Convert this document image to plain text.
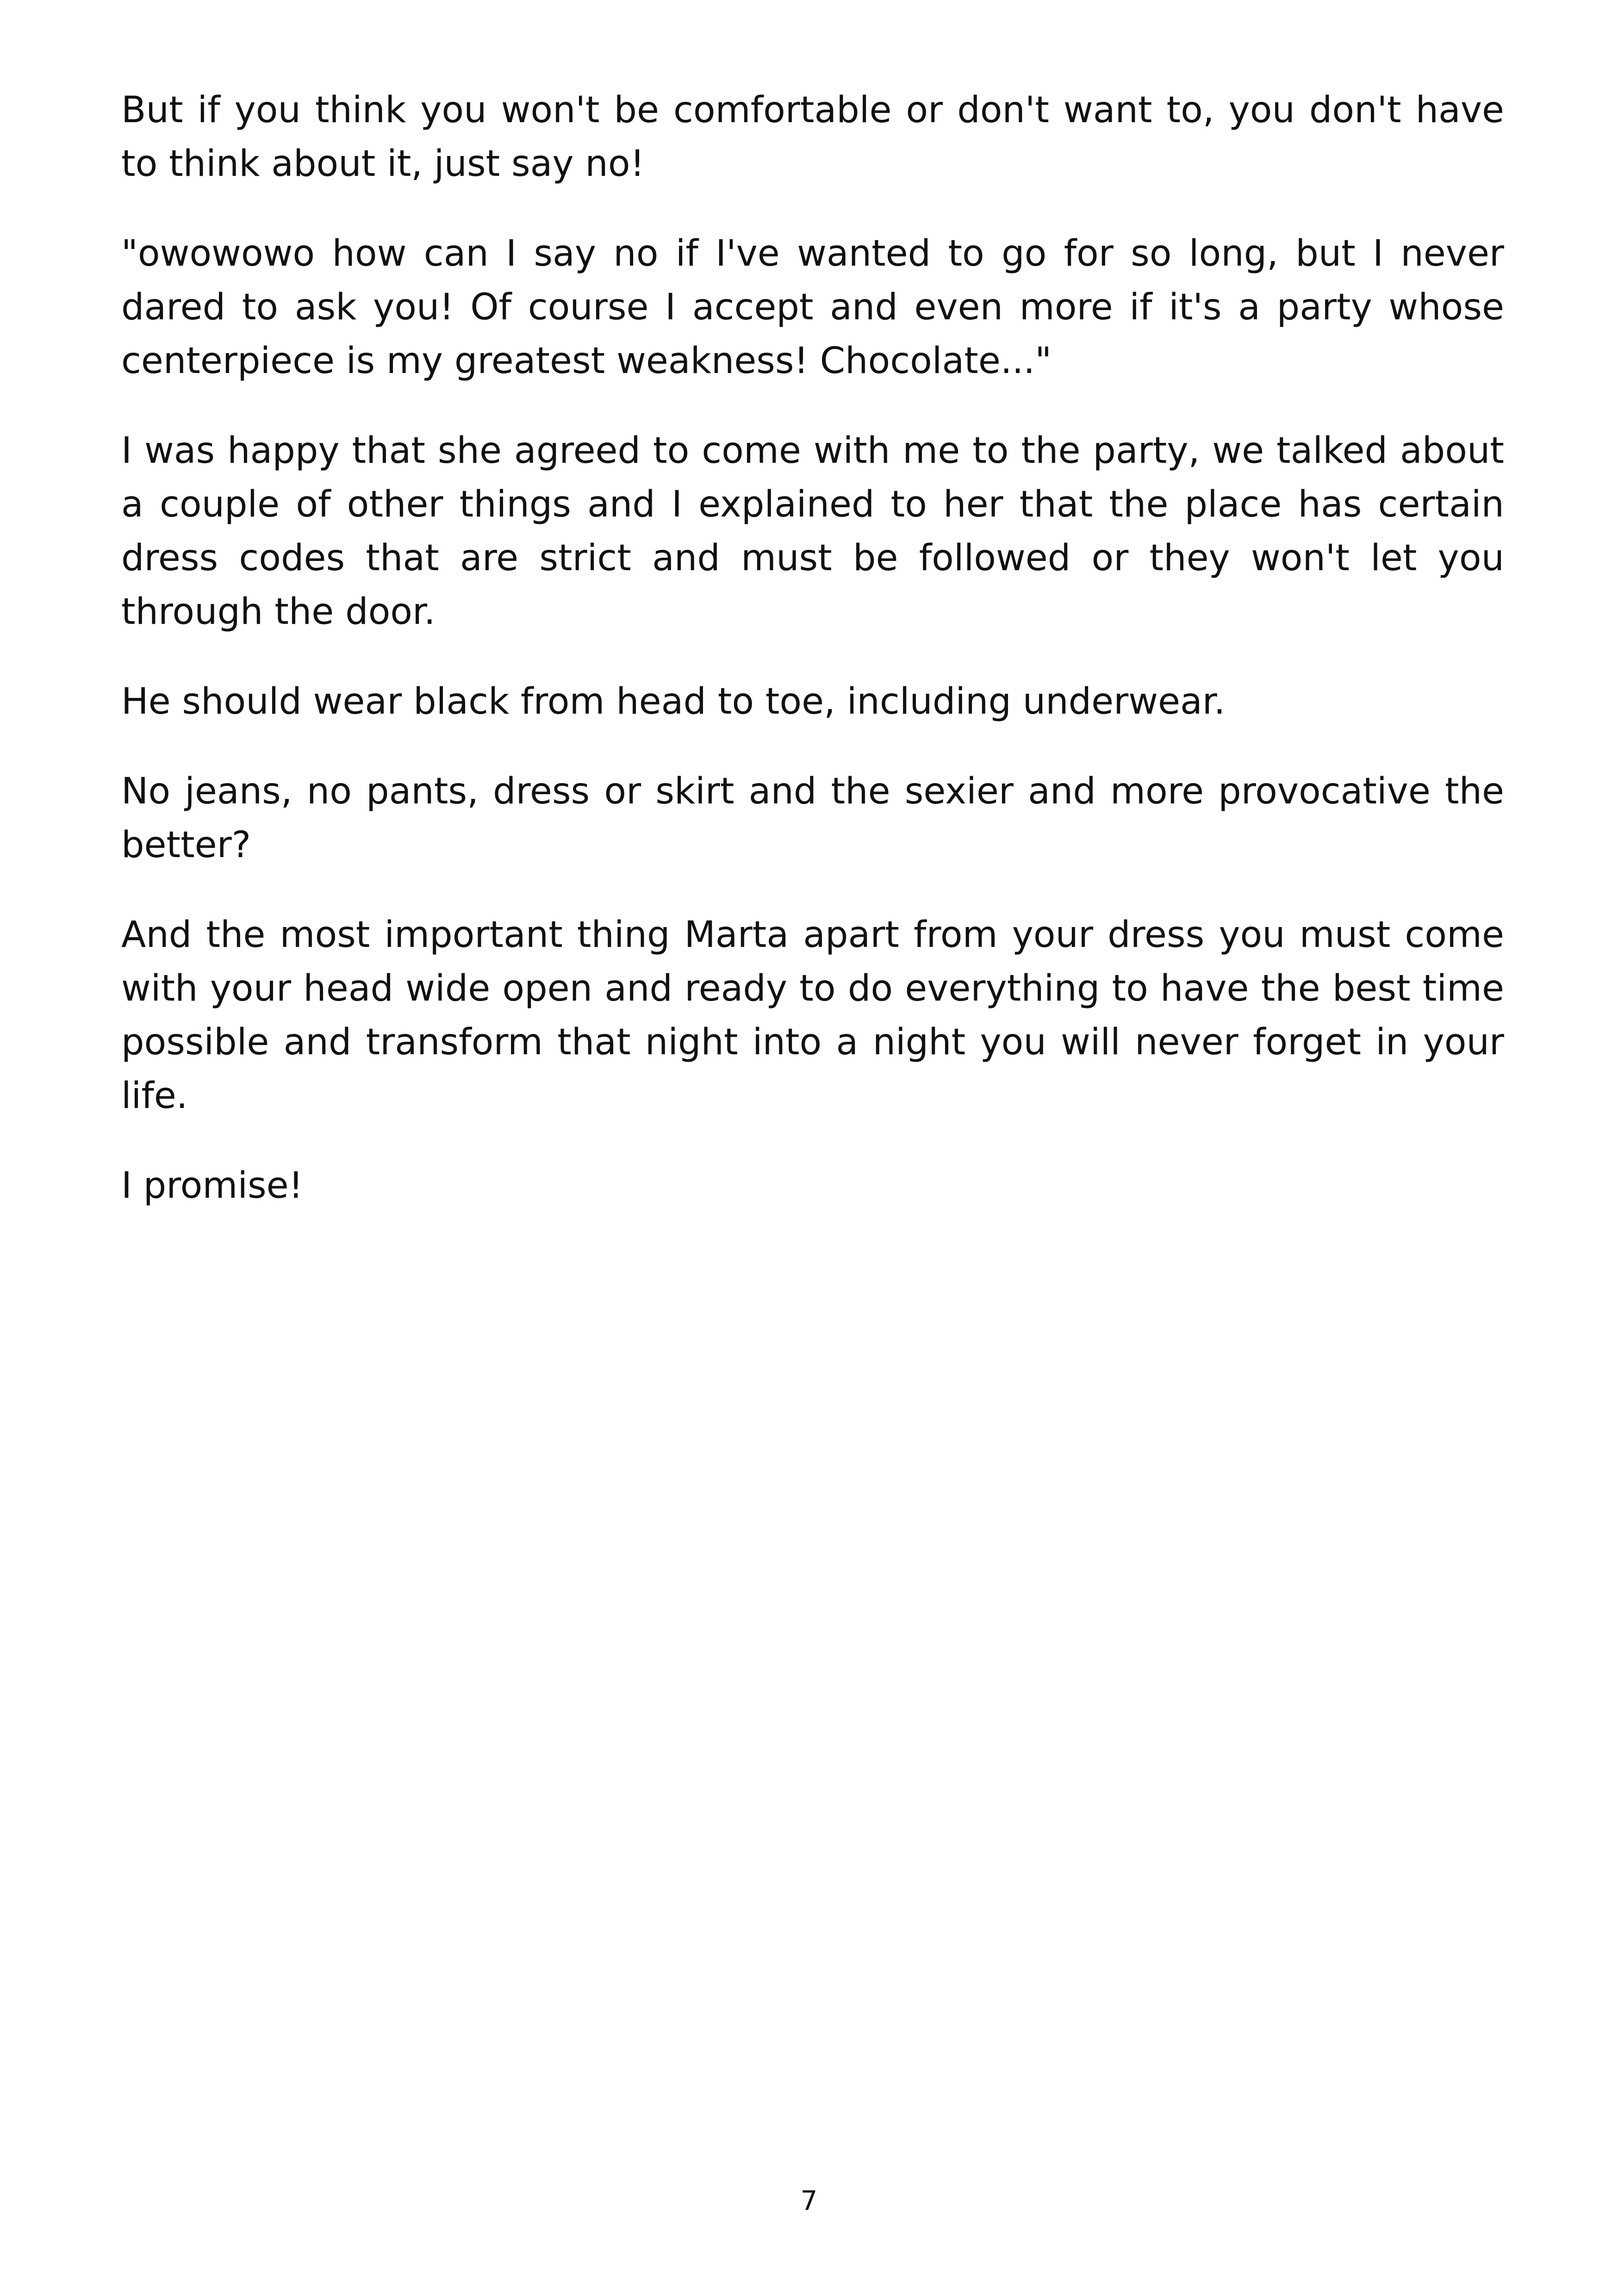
But if you think you won't be comfortable or don't want to, you don't have to think about it, just say no!

"owowowo how can I say no if I've wanted to go for so long, but I never dared to ask you! Of course I accept and even more if it's a party whose centerpiece is my greatest weakness! Chocolate..."

I was happy that she agreed to come with me to the party, we talked about a couple of other things and I explained to her that the place has certain dress codes that are strict and must be followed or they won't let you through the door.

He should wear black from head to toe, including underwear.

No jeans, no pants, dress or skirt and the sexier and more provocative the better?

And the most important thing Marta apart from your dress you must come with your head wide open and ready to do everything to have the best time possible and transform that night into a night you will never forget in your life.

I promise!

7
